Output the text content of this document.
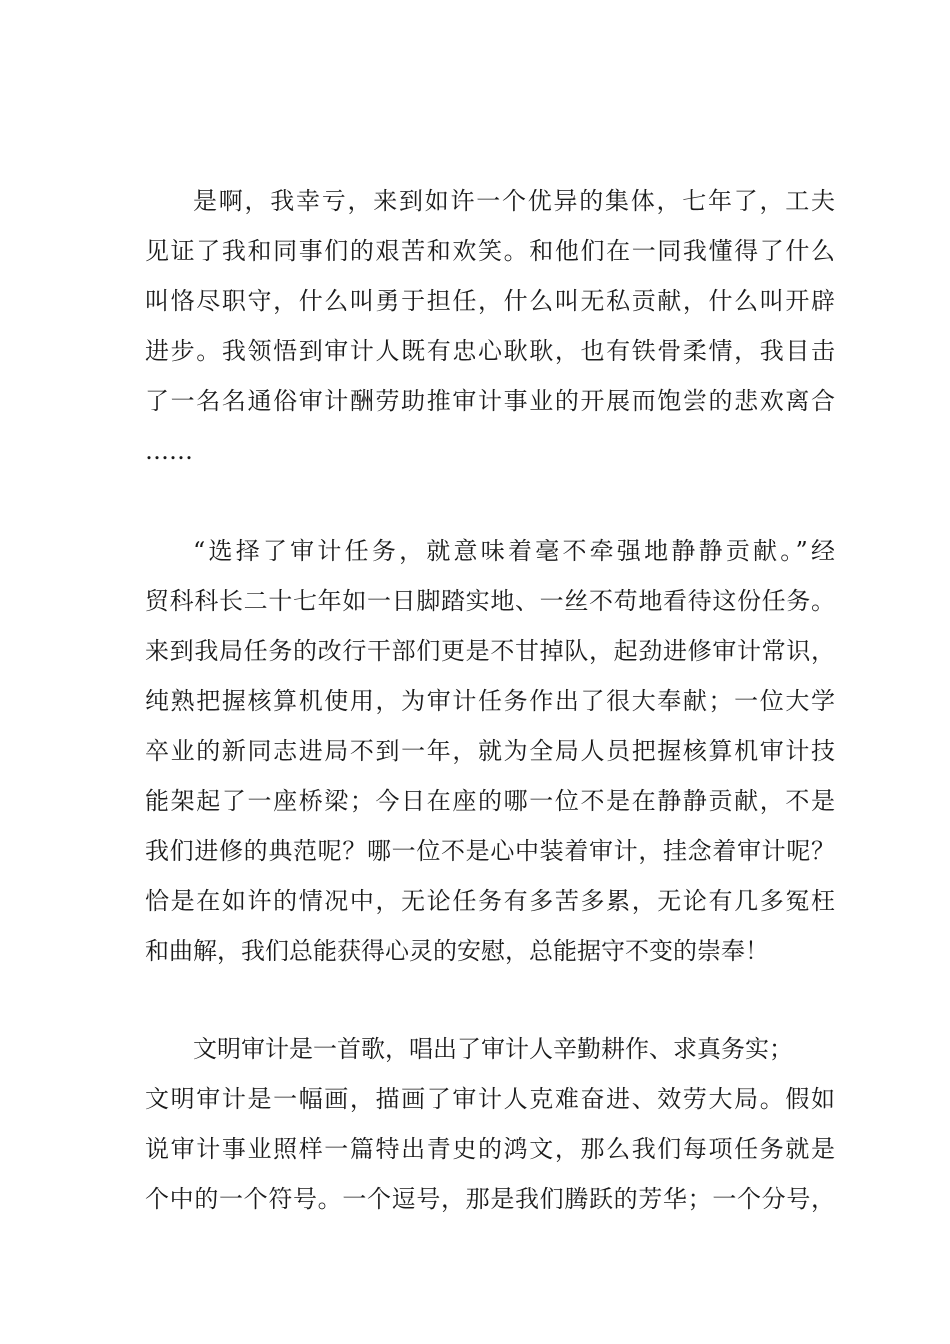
是啊，我幸亏，来到如许一个优异的集体，七年了，工夫
见证了我和同事们的艰苦和欢笑。和他们在一同我懂得了什么
叫恪尽职守，什么叫勇于担任，什么叫无私贡献，什么叫开辟
进步。我领悟到审计人既有忠心耿耿，也有铁骨柔情，我目击
了一名名通俗审计酬劳助推审计事业的开展而饱尝的悲欢离合
……
“选择了审计任务，就意味着毫不牵强地静静贡献。”经
贸科科长二十七年如一日脚踏实地、一丝不苟地看待这份任务。
来到我局任务的改行干部们更是不甘掉队，起劲进修审计常识，
纯熟把握核算机使用，为审计任务作出了很大奉献；一位大学
卒业的新同志进局不到一年，就为全局人员把握核算机审计技
能架起了一座桥梁；今日在座的哪一位不是在静静贡献，不是
我们进修的典范呢？哪一位不是心中装着审计，挂念着审计呢？
恰是在如许的情况中，无论任务有多苦多累，无论有几多冤枉
和曲解，我们总能获得心灵的安慰，总能据守不变的崇奉！
文明审计是一首歌，唱出了审计人辛勤耕作、求真务实；
文明审计是一幅画，描画了审计人克难奋进、效劳大局。假如
说审计事业照样一篇特出青史的鸿文，那么我们每项任务就是
个中的一个符号。一个逗号，那是我们腾跃的芳华；一个分号，
